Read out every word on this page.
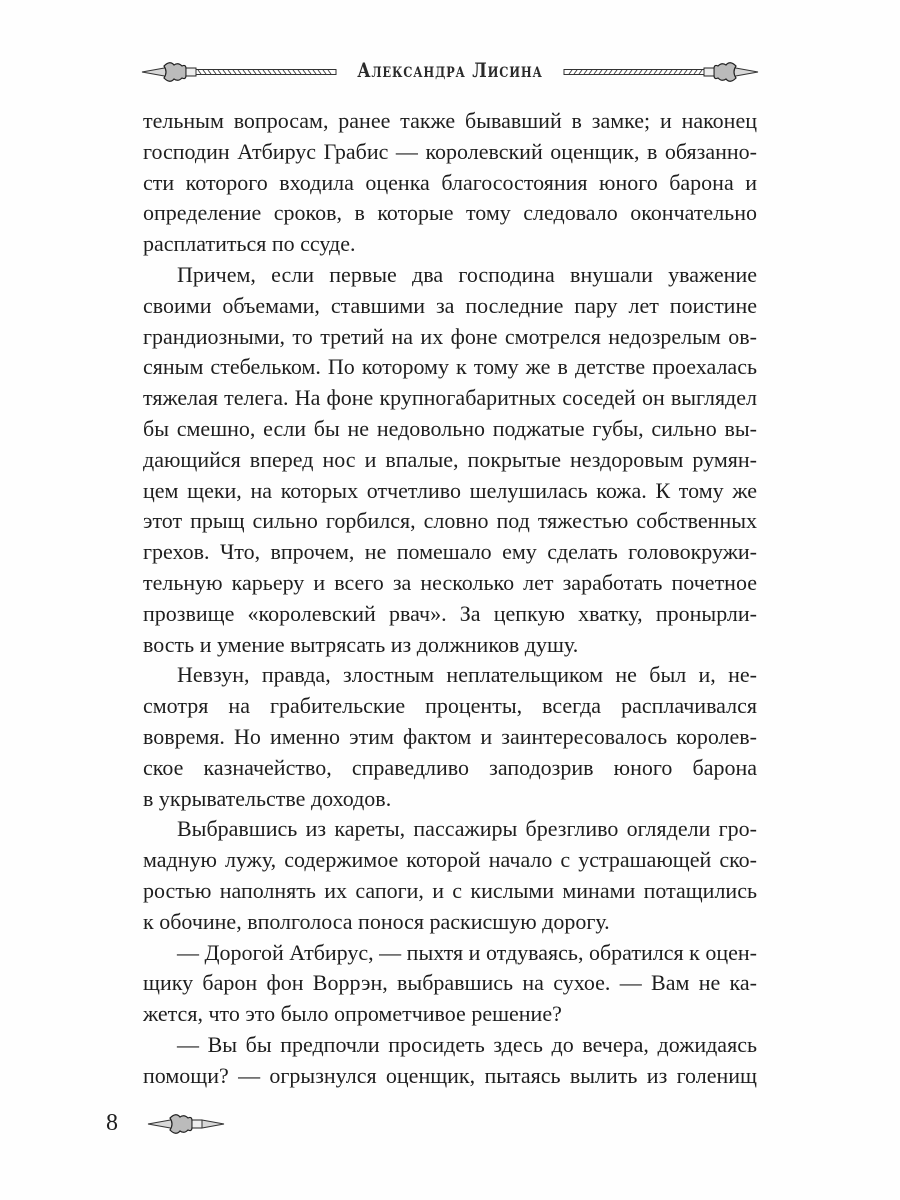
Александра Лисина

тельным вопросам, ранее также бывавший в замке; и наконец
господин Атбирус Грабис — королевский оценщик, в обязанно-
сти которого входила оценка благосостояния юного барона и
определение сроков, в которые тому следовало окончательно
расплатиться по ссуде.

Причем, если первые два господина внушали уважение
своими объемами, ставшими за последние пару лет поистине
грандиозными, то третий на их фоне смотрелся недозрелым ов-
сяным стебельком. По которому к тому же в детстве проехалась
тяжелая телега. На фоне крупногабаритных соседей он выглядел
бы смешно, если бы не недовольно поджатые губы, сильно вы-
дающийся вперед нос и впалые, покрытые нездоровым румян-
цем щеки, на которых отчетливо шелушилась кожа. К тому же
этот прыщ сильно горбился, словно под тяжестью собственных
грехов. Что, впрочем, не помешало ему сделать головокружи-
тельную карьеру и всего за несколько лет заработать почетное
прозвище «королевский рвач». За цепкую хватку, пронырли-
вость и умение вытрясать из должников душу.

Невзун, правда, злостным неплательщиком не был и, не-
смотря на грабительские проценты, всегда расплачивался
вовремя. Но именно этим фактом и заинтересовалось королев-
ское казначейство, справедливо заподозрив юного барона
в укрывательстве доходов.

Выбравшись из кареты, пассажиры брезгливо оглядели гро-
мадную лужу, содержимое которой начало с устрашающей ско-
ростью наполнять их сапоги, и с кислыми минами потащились
к обочине, вполголоса понося раскисшую дорогу.

— Дорогой Атбирус, — пыхтя и отдуваясь, обратился к оцен-
щику барон фон Воррэн, выбравшись на сухое. — Вам не ка-
жется, что это было опрометчивое решение?

— Вы бы предпочли просидеть здесь до вечера, дожидаясь
помощи? — огрызнулся оценщик, пытаясь вылить из голенищ

8
